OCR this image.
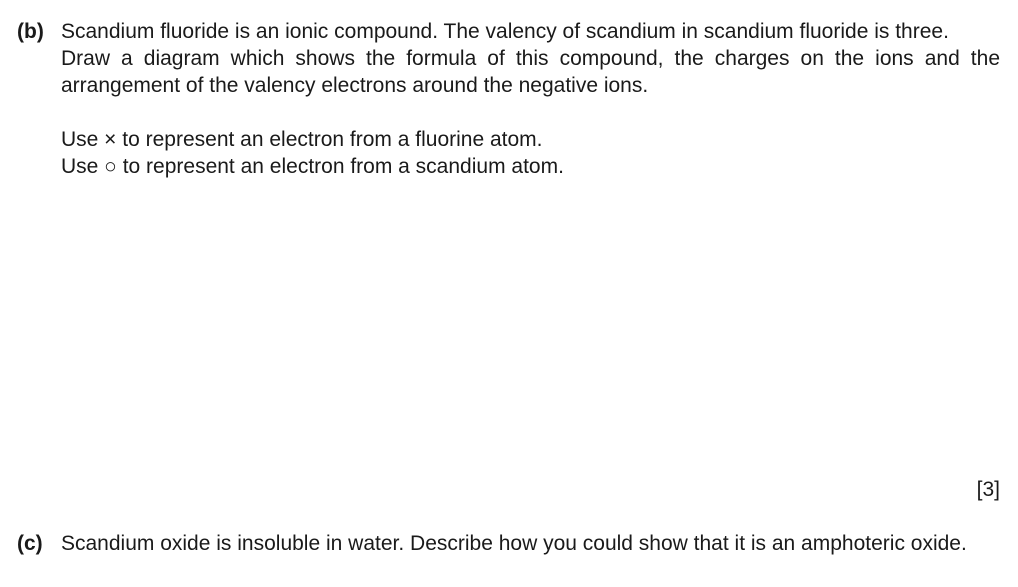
(b) Scandium fluoride is an ionic compound. The valency of scandium in scandium fluoride is three.

Draw a diagram which shows the formula of this compound, the charges on the ions and the arrangement of the valency electrons around the negative ions.

Use × to represent an electron from a fluorine atom.

Use ○ to represent an electron from a scandium atom.

[3]
(c) Scandium oxide is insoluble in water. Describe how you could show that it is an amphoteric oxide.
